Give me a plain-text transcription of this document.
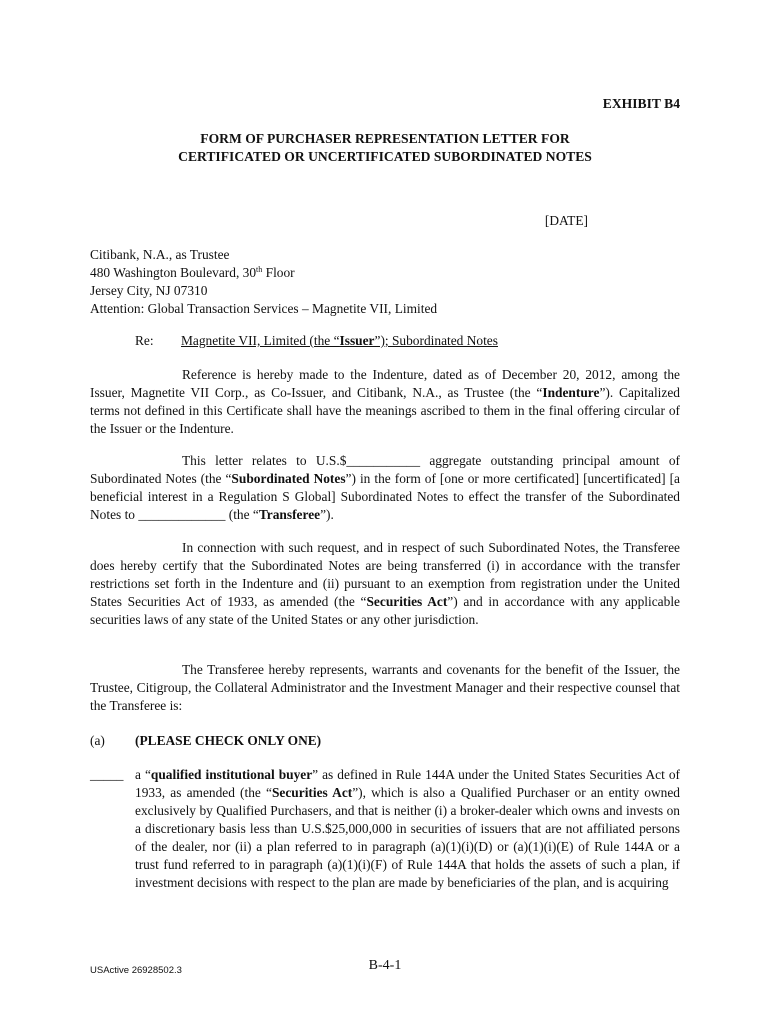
EXHIBIT B4
FORM OF PURCHASER REPRESENTATION LETTER FOR
CERTIFICATED OR UNCERTIFICATED SUBORDINATED NOTES
[DATE]
Citibank, N.A., as Trustee
480 Washington Boulevard, 30th Floor
Jersey City, NJ 07310
Attention: Global Transaction Services – Magnetite VII, Limited
Re: Magnetite VII, Limited (the “Issuer”); Subordinated Notes
Reference is hereby made to the Indenture, dated as of December 20, 2012, among the Issuer, Magnetite VII Corp., as Co-Issuer, and Citibank, N.A., as Trustee (the “Indenture”). Capitalized terms not defined in this Certificate shall have the meanings ascribed to them in the final offering circular of the Issuer or the Indenture.
This letter relates to U.S.$___________ aggregate outstanding principal amount of Subordinated Notes (the “Subordinated Notes”) in the form of [one or more certificated] [uncertificated] [a beneficial interest in a Regulation S Global] Subordinated Notes to effect the transfer of the Subordinated Notes to _____________ (the “Transferee”).
In connection with such request, and in respect of such Subordinated Notes, the Transferee does hereby certify that the Subordinated Notes are being transferred (i) in accordance with the transfer restrictions set forth in the Indenture and (ii) pursuant to an exemption from registration under the United States Securities Act of 1933, as amended (the “Securities Act”) and in accordance with any applicable securities laws of any state of the United States or any other jurisdiction.
The Transferee hereby represents, warrants and covenants for the benefit of the Issuer, the Trustee, Citigroup, the Collateral Administrator and the Investment Manager and their respective counsel that the Transferee is:
(a) (PLEASE CHECK ONLY ONE)
_____ a “qualified institutional buyer” as defined in Rule 144A under the United States Securities Act of 1933, as amended (the “Securities Act”), which is also a Qualified Purchaser or an entity owned exclusively by Qualified Purchasers, and that is neither (i) a broker-dealer which owns and invests on a discretionary basis less than U.S.$25,000,000 in securities of issuers that are not affiliated persons of the dealer, nor (ii) a plan referred to in paragraph (a)(1)(i)(D) or (a)(1)(i)(E) of Rule 144A or a trust fund referred to in paragraph (a)(1)(i)(F) of Rule 144A that holds the assets of such a plan, if investment decisions with respect to the plan are made by beneficiaries of the plan, and is acquiring
USActive 26928502.3	B-4-1
